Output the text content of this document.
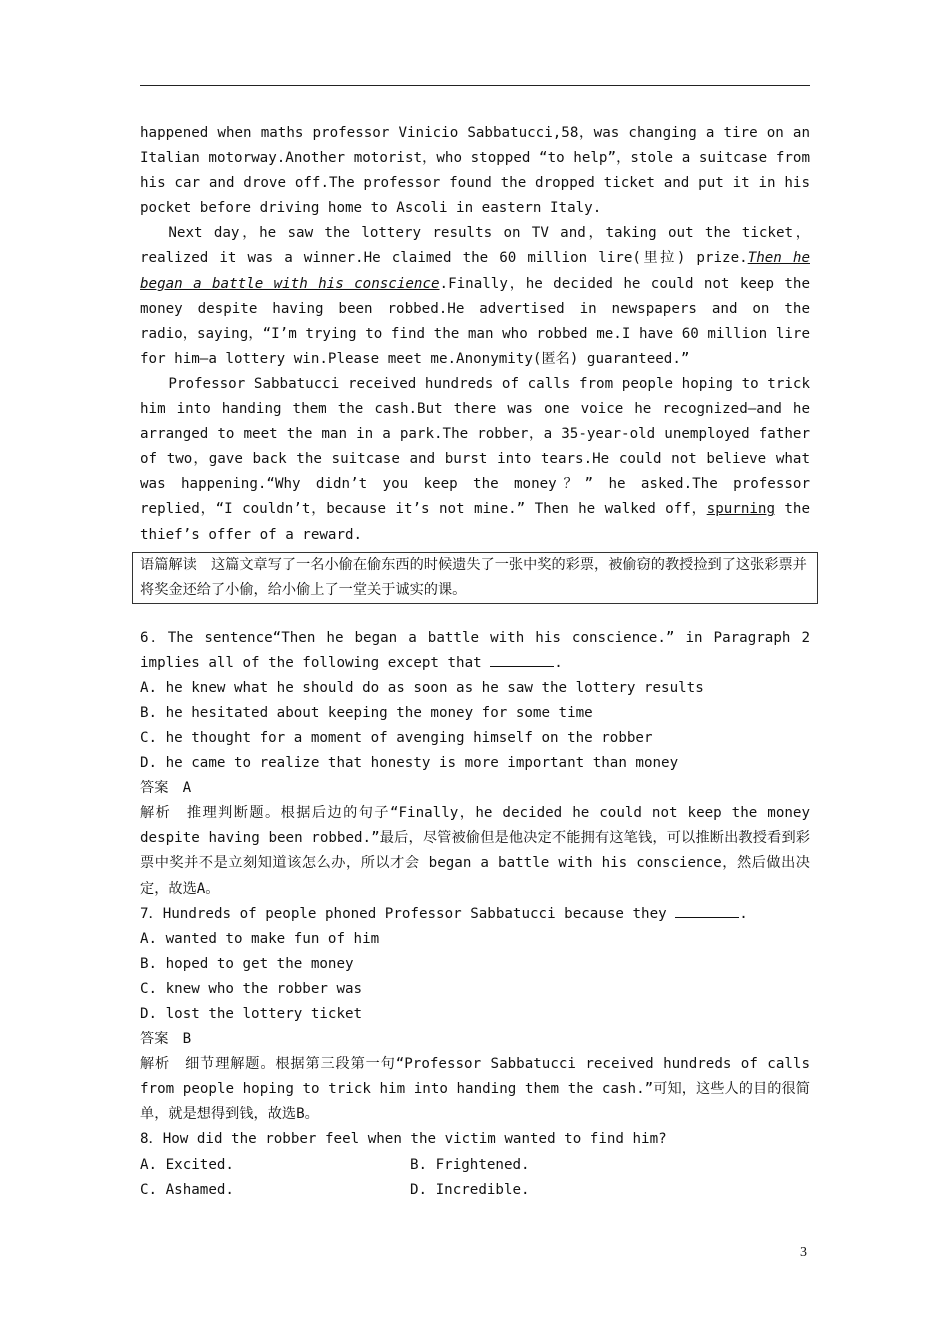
happened when maths professor Vinicio Sabbatucci,58，was changing a tire on an Italian motorway.Another motorist，who stopped “to help”，stole a suitcase from his car and drove off.The professor found the dropped ticket and put it in his pocket before driving home to Ascoli in eastern Italy.

Next day，he saw the lottery results on TV and，taking out the ticket，realized it was a winner.He claimed the 60 million lire(里拉) prize.Then he began a battle with his conscience.Finally，he decided he could not keep the money despite having been robbed.He advertised in newspapers and on the radio，saying，“I’m trying to find the man who robbed me.I have 60 million lire for him—a lottery win.Please meet me.Anonymity(匿名) guaranteed.”

Professor Sabbatucci received hundreds of calls from people hoping to trick him into handing them the cash.But there was one voice he recognized—and he arranged to meet the man in a park.The robber，a 35-year-old unemployed father of two，gave back the suitcase and burst into tears.He could not believe what was happening.“Why didn’t you keep the money？” he asked.The professor replied，“I couldn’t，because it’s not mine.” Then he walked off，spurning the thief’s offer of a reward.

语篇解读　这篇文章写了一名小偷在偷东西的时候遗失了一张中奖的彩票，被偷窃的教授捡到了这张彩票并将奖金还给了小偷，给小偷上了一堂关于诚实的课。

6．The sentence“Then he began a battle with his conscience.” in Paragraph 2 implies all of the following except that	.

A. he knew what he should do as soon as he saw the lottery results

B. he hesitated about keeping the money for some time

C. he thought for a moment of avenging himself on the robber

D. he came to realize that honesty is more important than money

答案　A

解析　推理判断题。根据后边的句子“Finally，he decided he could not keep the money despite having been robbed.”最后，尽管被偷但是他决定不能拥有这笔钱，可以推断出教授看到彩票中奖并不是立刻知道该怎么办，所以才会 began a battle with his conscience，然后做出决定，故选A。

7．Hundreds of people phoned Professor Sabbatucci because they	.

A. wanted to make fun of him

B. hoped to get the money

C. knew who the robber was

D. lost the lottery ticket

答案　B

解析　细节理解题。根据第三段第一句“Professor Sabbatucci received hundreds of calls from people hoping to trick him into handing them the cash.”可知，这些人的目的很简单，就是想得到钱，故选B。

8．How did the robber feel when the victim wanted to find him?

A. Excited.	B. Frightened.
C. Ashamed.	D. Incredible.
3
